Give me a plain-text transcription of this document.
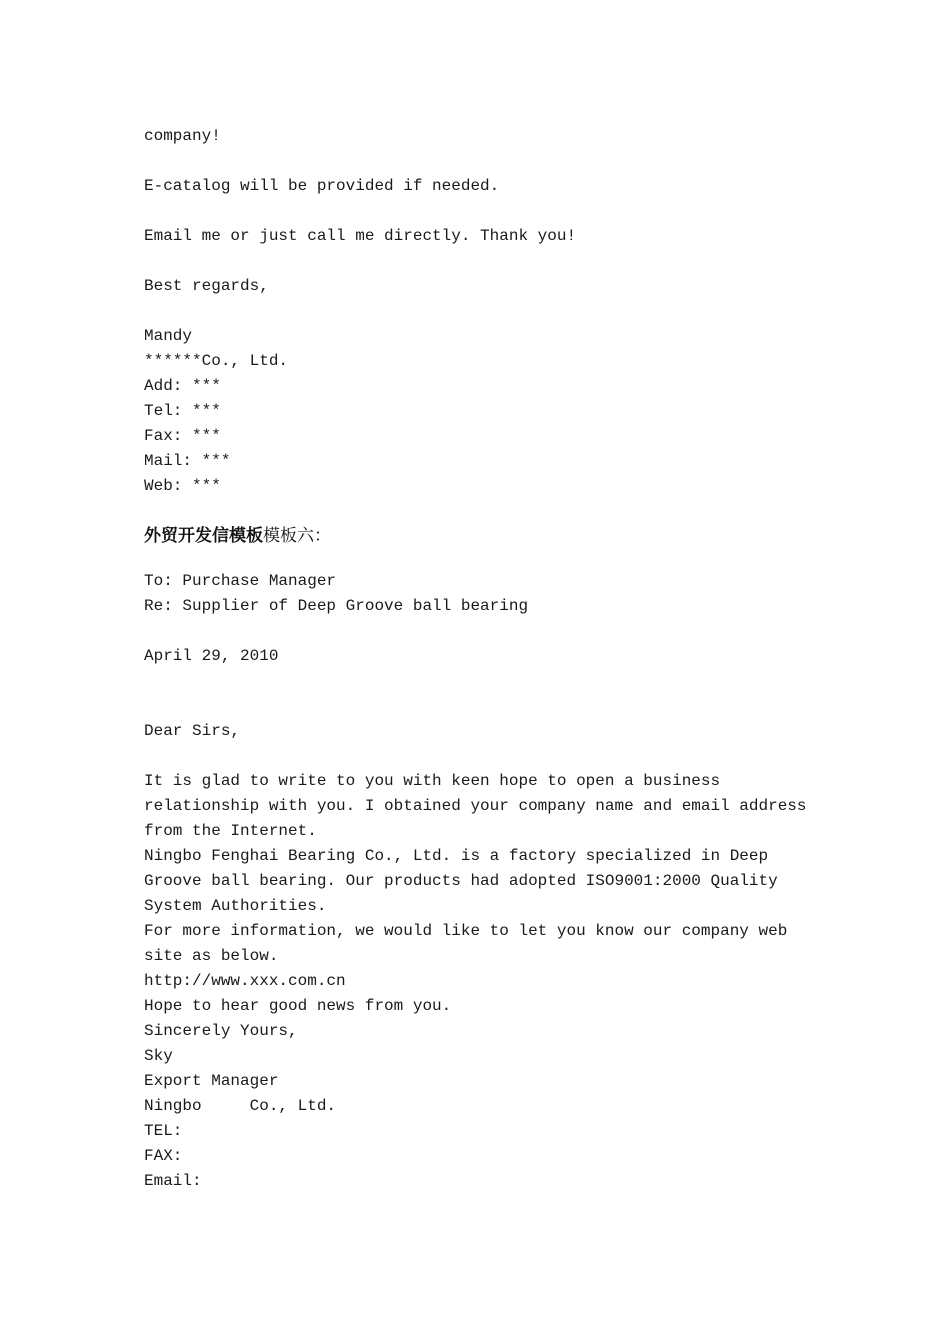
company!
E-catalog will be provided if needed.
Email me or just call me directly. Thank you!
Best regards,
Mandy
******Co., Ltd.
Add: ***
Tel: ***
Fax: ***
Mail: ***
Web: ***
外贸开发信模板模板六：
To: Purchase Manager
Re: Supplier of Deep Groove ball bearing
April 29, 2010
Dear Sirs,
It is glad to write to you with keen hope to open a business
relationship with you. I obtained your company name and email address
from the Internet.
Ningbo Fenghai Bearing Co., Ltd. is a factory specialized in Deep
Groove ball bearing. Our products had adopted ISO9001:2000 Quality
System Authorities.
For more information, we would like to let you know our company web
site as below.
http://www.xxx.com.cn
Hope to hear good news from you.
Sincerely Yours,
Sky
Export Manager
Ningbo     Co., Ltd.
TEL:
FAX:
Email:
